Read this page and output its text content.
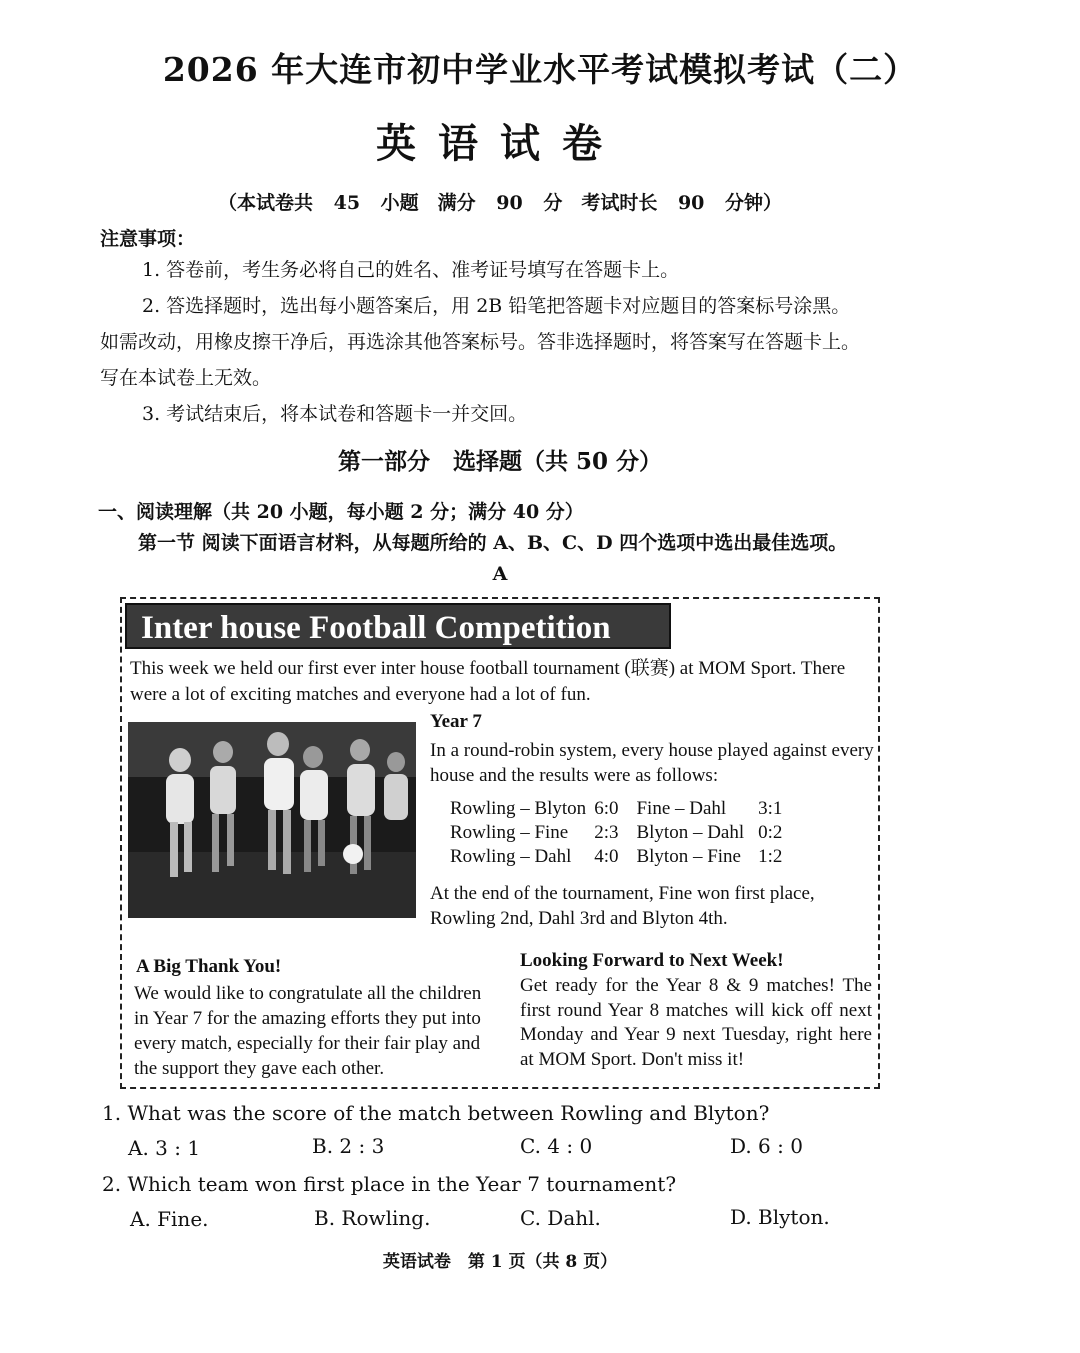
2026 年大连市初中学业水平考试模拟考试（二）
英语试卷
（本试卷共 45 小题　满分 90 分　考试时长 90 分钟）
注意事项：

1. 答卷前，考生务必将自己的姓名、准考证号填写在答题卡上。

2. 答选择题时，选出每小题答案后，用 2B 铅笔把答题卡对应题目的答案标号涂黑。

如需改动，用橡皮擦干净后，再选涂其他答案标号。答非选择题时，将答案写在答题卡上。

写在本试卷上无效。

3. 考试结束后，将本试卷和答题卡一并交回。

第一部分　选择题（共 50 分）
一、阅读理解（共 20 小题，每小题 2 分；满分 40 分）
第一节 阅读下面语言材料，从每题所给的 A、B、C、D 四个选项中选出最佳选项。
A
Inter house Football Competition
This week we held our first ever inter house football tournament (联赛) at MOM Sport. There were a lot of exciting matches and everyone had a lot of fun.
Year 7
In a round-robin system, every house played against every house and the results were as follows:
Rowling – Blyton	6:0	Fine – Dahl	3:1
Rowling – Fine	2:3	Blyton – Dahl	0:2
Rowling – Dahl	4:0	Blyton – Fine	1:2
At the end of the tournament, Fine won first place, Rowling 2nd, Dahl 3rd and Blyton 4th.
A Big Thank You!
We would like to congratulate all the children in Year 7 for the amazing efforts they put into every match, especially for their fair play and the support they gave each other.
Looking Forward to Next Week!
Get ready for the Year 8 & 9 matches! The first round Year 8 matches will kick off next Monday and Year 9 next Tuesday, right here at MOM Sport. Don't miss it!
1. What was the score of the match between Rowling and Blyton?
A. 3 : 1	B. 2 : 3	C. 4 : 0	D. 6 : 0
2. Which team won first place in the Year 7 tournament?
A. Fine.	B. Rowling.	C. Dahl.	D. Blyton.
英语试卷　第 1 页（共 8 页）
